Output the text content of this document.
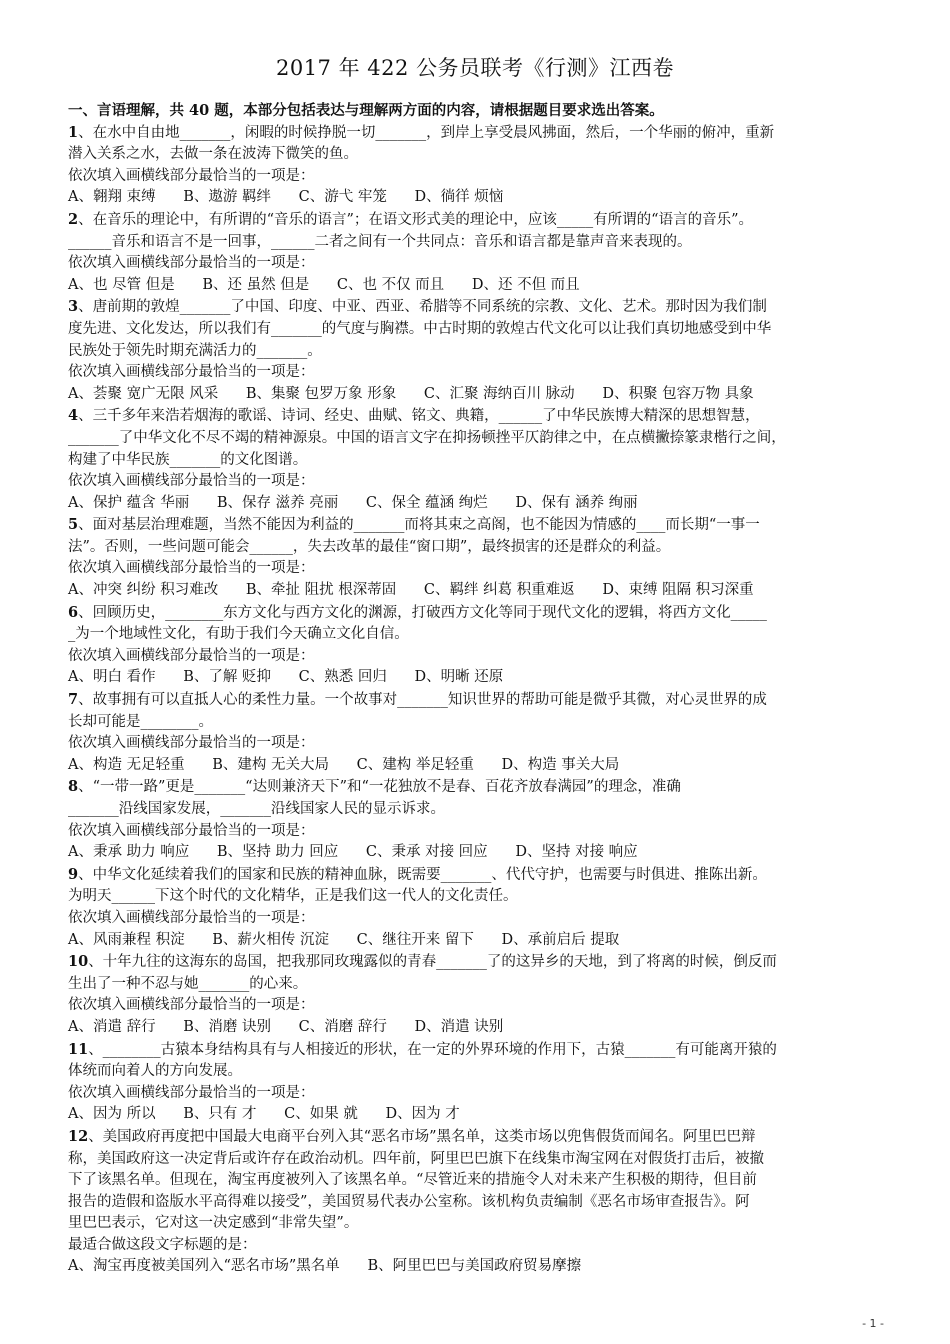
2017 年 422 公务员联考《行测》江西卷
一、言语理解，共 40 题，本部分包括表达与理解两方面的内容，请根据题目要求选出答案。
1、在水中自由地_______，闲暇的时候挣脱一切_______，到岸上享受晨风拂面，然后，一个华丽的俯冲，重新
潜入关系之水，去做一条在波涛下微笑的鱼。
依次填入画横线部分最恰当的一项是：
A、翱翔 束缚      B、遨游 羁绊      C、游弋 牢笼      D、徜徉 烦恼
2、在音乐的理论中，有所谓的“音乐的语言”；在语文形式美的理论中，应该_____有所谓的“语言的音乐”。
______音乐和语言不是一回事，______二者之间有一个共同点：音乐和语言都是靠声音来表现的。
依次填入画横线部分最恰当的一项是：
A、也 尽管 但是      B、还 虽然 但是      C、也 不仅 而且      D、还 不但 而且
3、唐前期的敦煌_______了中国、印度、中亚、西亚、希腊等不同系统的宗教、文化、艺术。那时因为我们制
度先进、文化发达，所以我们有_______的气度与胸襟。中古时期的敦煌古代文化可以让我们真切地感受到中华
民族处于领先时期充满活力的_______。
依次填入画横线部分最恰当的一项是：
A、荟聚 宽广无限 风采      B、集聚 包罗万象 形象      C、汇聚 海纳百川 脉动      D、积聚 包容万物 具象
4、三千多年来浩若烟海的歌谣、诗词、经史、曲赋、铭文、典籍，______了中华民族博大精深的思想智慧，
_______了中华文化不尽不竭的精神源泉。中国的语言文字在抑扬顿挫平仄韵律之中，在点横撇捺篆隶楷行之间，
构建了中华民族_______的文化图谱。
依次填入画横线部分最恰当的一项是：
A、保护 蕴含 华丽      B、保存 滋养 亮丽      C、保全 蕴涵 绚烂      D、保有 涵养 绚丽
5、面对基层治理难题，当然不能因为利益的_______而将其束之高阁，也不能因为情感的____而长期“一事一
法”。否则，一些问题可能会______，失去改革的最佳“窗口期”，最终损害的还是群众的利益。
依次填入画横线部分最恰当的一项是：
A、冲突 纠纷 积习难改      B、牵扯 阻扰 根深蒂固      C、羁绊 纠葛 积重难返      D、束缚 阻隔 积习深重
6、回顾历史，________东方文化与西方文化的渊源，打破西方文化等同于现代文化的逻辑，将西方文化_____
_为一个地域性文化，有助于我们今天确立文化自信。
依次填入画横线部分最恰当的一项是：
A、明白 看作      B、了解 贬抑      C、熟悉 回归      D、明晰 还原
7、故事拥有可以直抵人心的柔性力量。一个故事对_______知识世界的帮助可能是微乎其微，对心灵世界的成
长却可能是________。
依次填入画横线部分最恰当的一项是：
A、构造 无足轻重      B、建构 无关大局      C、建构 举足轻重      D、构造 事关大局
8、“一带一路”更是_______“达则兼济天下”和“一花独放不是春、百花齐放春满园”的理念，准确
_______沿线国家发展，_______沿线国家人民的显示诉求。
依次填入画横线部分最恰当的一项是：
A、秉承 助力 响应      B、坚持 助力 回应      C、秉承 对接 回应      D、坚持 对接 响应
9、中华文化延续着我们的国家和民族的精神血脉，既需要_______、代代守护，也需要与时俱进、推陈出新。
为明天______下这个时代的文化精华，正是我们这一代人的文化责任。
依次填入画横线部分最恰当的一项是：
A、风雨兼程 积淀      B、薪火相传 沉淀      C、继往开来 留下      D、承前启后 提取
10、十年九往的这海东的岛国，把我那同玫瑰露似的青春_______了的这异乡的天地，到了将离的时候，倒反而
生出了一种不忍与她_______的心来。
依次填入画横线部分最恰当的一项是：
A、消遣 辞行      B、消磨 诀别      C、消磨 辞行      D、消遣 诀别
11、________古猿本身结构具有与人相接近的形状，在一定的外界环境的作用下，古猿_______有可能离开猿的
体统而向着人的方向发展。
依次填入画横线部分最恰当的一项是：
A、因为 所以      B、只有 才      C、如果 就      D、因为 才
12、美国政府再度把中国最大电商平台列入其“恶名市场”黑名单，这类市场以兜售假货而闻名。阿里巴巴辩
称，美国政府这一决定背后或许存在政治动机。四年前，阿里巴巴旗下在线集市淘宝网在对假货打击后，被撤
下了该黑名单。但现在，淘宝再度被列入了该黑名单。“尽管近来的措施令人对未来产生积极的期待，但目前
报告的造假和盗版水平高得难以接受”，美国贸易代表办公室称。该机构负责编制《恶名市场审查报告》。阿
里巴巴表示，它对这一决定感到“非常失望”。
最适合做这段文字标题的是：
A、淘宝再度被美国列入“恶名市场”黑名单      B、阿里巴巴与美国政府贸易摩擦
- 1 -
